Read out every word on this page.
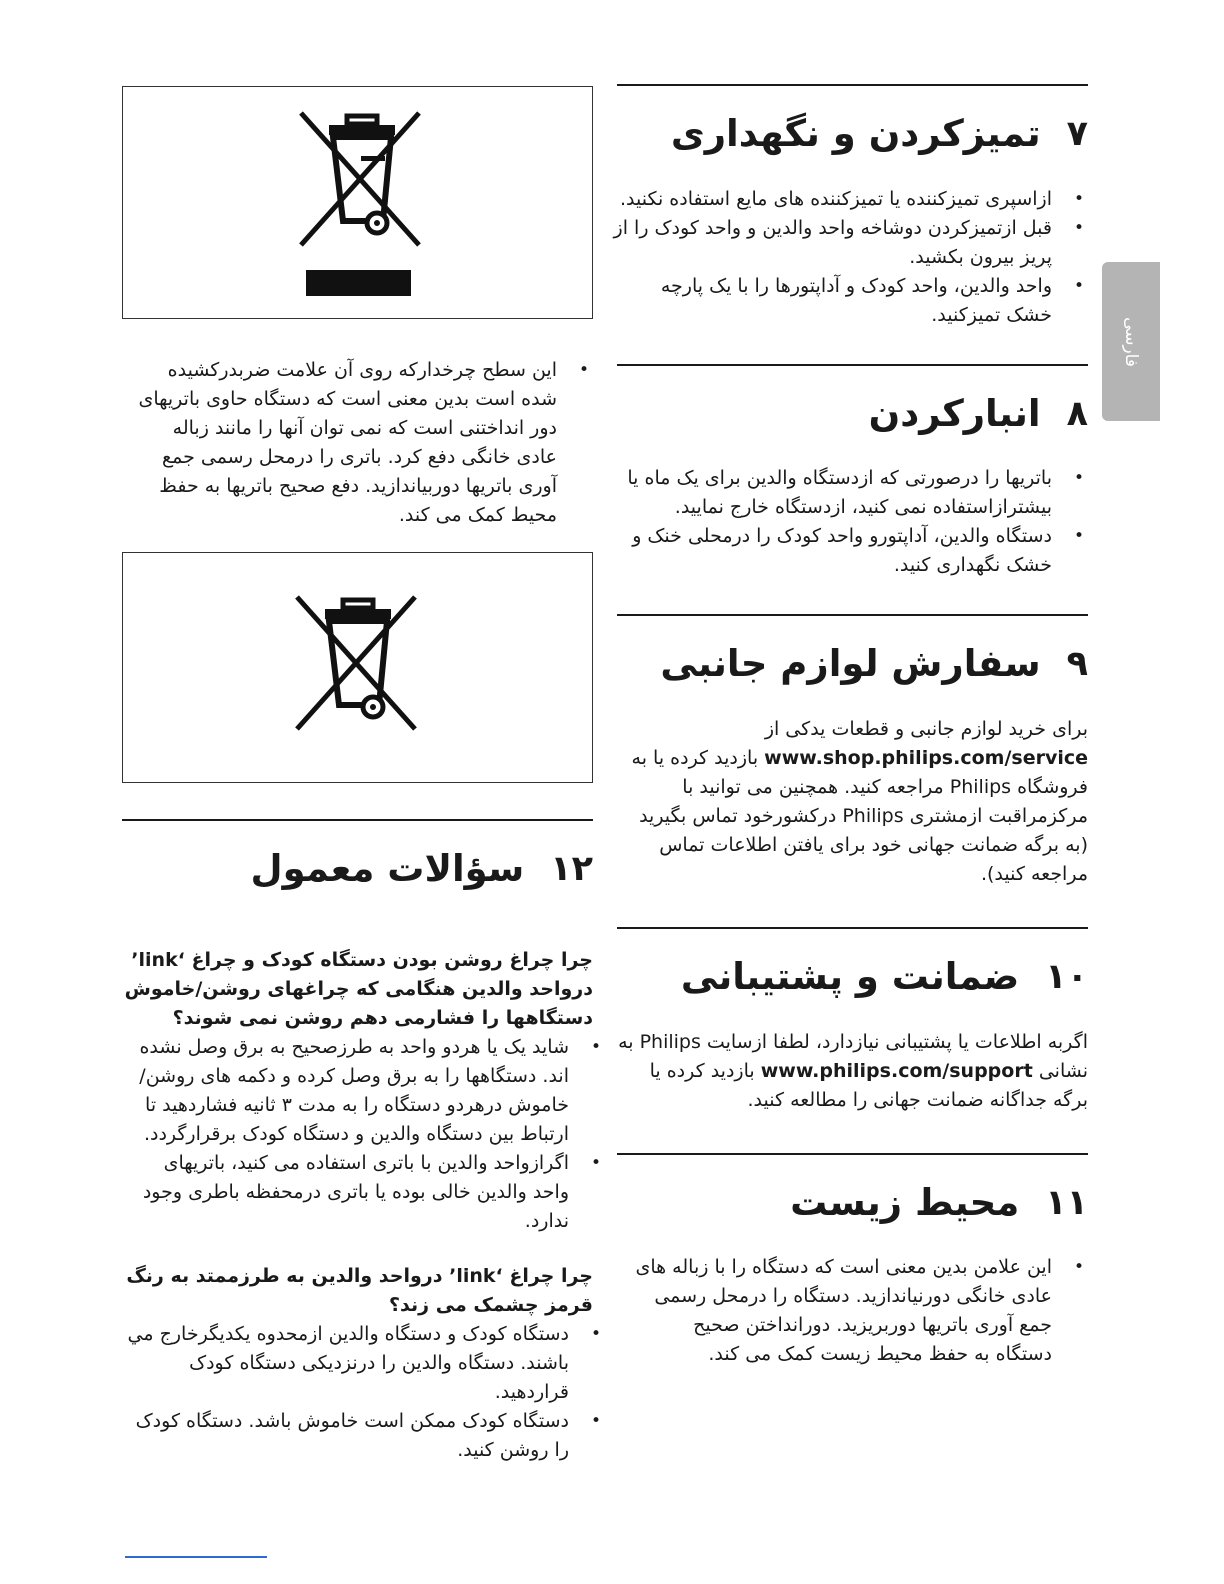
فارسی
۷
تمیزکردن و نگهداری
• ازاسپری تمیزکننده یا تمیزکننده های مایع استفاده نکنید.
• قبل ازتمیزکردن دوشاخه واحد والدین و واحد کودک را از پریز بیرون بکشید.
• واحد والدین، واحد کودک و آداپتورها را با یک پارچه خشک تمیزکنید.
۸
انبارکردن
• باتریها را درصورتی که ازدستگاه والدین برای یک ماه یا بیشترازاستفاده نمی کنید، ازدستگاه خارج نمایید.
• دستگاه والدین، آداپتورو واحد کودک را درمحلی خنک و خشک نگهداری کنید.
۹
سفارش لوازم جانبی

برای خرید لوازم جانبی و قطعات یدکی از www.shop.philips.com/service بازدید کرده یا به فروشگاه Philips مراجعه کنید. همچنین می توانید با مرکزمراقبت ازمشتری Philips درکشورخود تماس بگیرید (به برگه ضمانت جهانی خود برای یافتن اطلاعات تماس مراجعه کنید).

۱۰
ضمانت و پشتیبانی

اگربه اطلاعات یا پشتیبانی نیازدارد، لطفا ازسایت Philips به نشانی www.philips.com/support بازدید کرده یا برگه جداگانه ضمانت جهانی را مطالعه کنید.

۱۱
محیط زیست
• این علامن بدین معنی است که دستگاه را با زباله های عادی خانگی دورنیاندازید. دستگاه را درمحل رسمی جمع آوری باتریها دوربریزید. دورانداختن صحیح دستگاه به حفظ محیط زیست کمک می کند.
• این سطح چرخدارکه روی آن علامت ضربدرکشیده شده است بدین معنی است که دستگاه حاوی باتریهای دور انداختنی است که نمی توان آنها را مانند زباله عادی خانگی دفع کرد. باتری را درمحل رسمی جمع آوری باتریها دوربیاندازید. دفع صحیح باتریها به حفظ محیط کمک می کند.
۱۲
سؤالات معمول

چرا چراغ روشن بودن دستگاه کودک و چراغ ‘link’ درواحد والدین هنگامی که چراغهای روشن/خاموش دستگاهها را فشارمی دهم روشن نمی شوند؟

• شاید یک یا هردو واحد به طرزصحیح به برق وصل نشده اند. دستگاهها را به برق وصل کرده و دکمه های روشن/خاموش درهردو دستگاه را به مدت ۳ ثانیه فشاردهید تا ارتباط بین دستگاه والدین و دستگاه کودک برقرارگردد.
• اگرازواحد والدین با باتری استفاده می کنید، باتریهای واحد والدین خالی بوده یا باتری درمحفظه باطری وجود ندارد.

چرا چراغ ‘link’ درواحد والدین به طرزممتد به رنگ قرمز چشمک می زند؟

• دستگاه کودک و دستگاه والدین ازمحدوه یکدیگرخارج مي باشند. دستگاه والدین را درنزدیکی دستگاه کودک قراردهید.
• دستگاه کودک ممکن است خاموش باشد. دستگاه کودک را روشن کنید.
